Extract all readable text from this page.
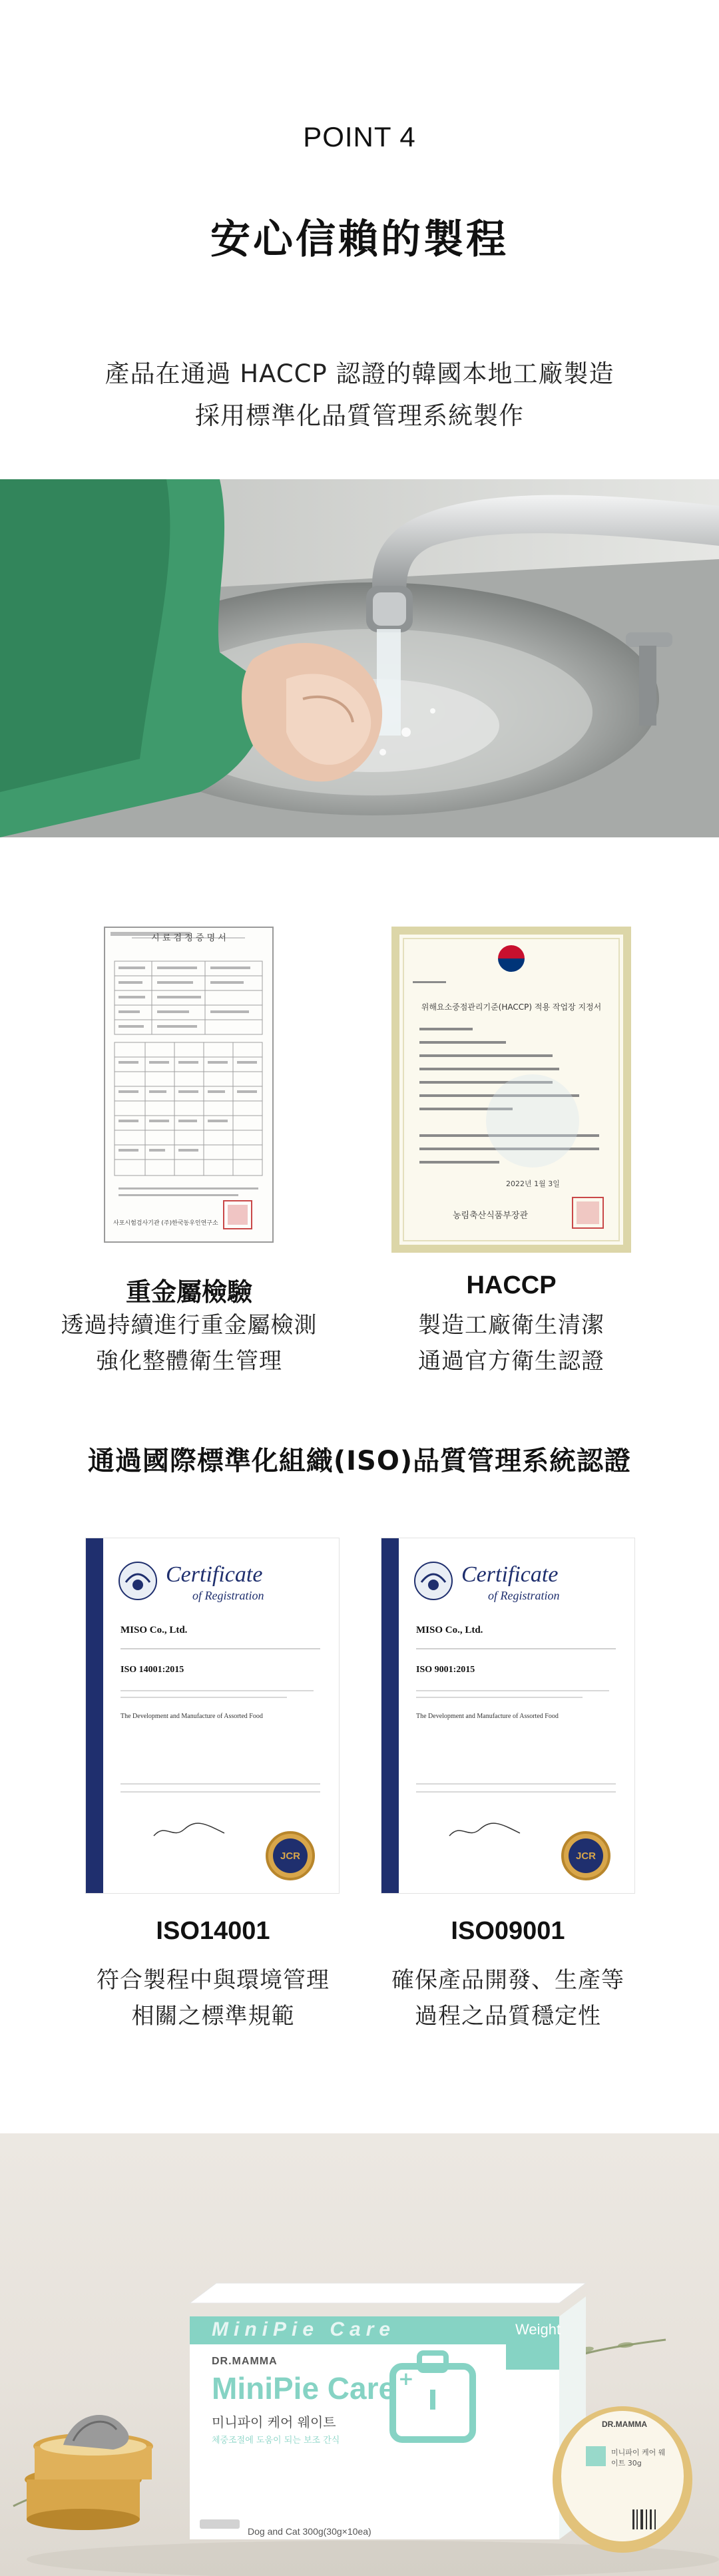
POINT 4
安心信賴的製程
產品在通過 HACCP 認證的韓國本地工廠製造
採用標準化品質管理系統製作
시 료 검 정 증 명 서
사포시험검사기관 (주)한국동우인연구소
위해요소중점관리기준(HACCP) 적용 작업장 지정서
2022년 1월 3일
농림축산식품부장관
重金屬檢驗
透過持續進行重金屬檢測
強化整體衛生管理
HACCP
製造工廠衛生清潔
通過官方衛生認證
通過國際標準化組織(ISO)品質管理系統認證
Certificate
of Registration
MISO Co., Ltd.
ISO 14001:2015
The Development and Manufacture of Assorted Food
JCR
Certificate
of Registration
MISO Co., Ltd.
ISO 9001:2015
The Development and Manufacture of Assorted Food
JCR
ISO14001
符合製程中與環境管理
相關之標準規範
ISO09001
確保產品開發、生產等
過程之品質穩定性
MiniPie Care	Weight
DR.MAMMA
MiniPie Care +
미니파이 케어 웨이트
체중조절에 도움이 되는 보조 간식
Dog and Cat 300g(30g×10ea)
DR.MAMMA
미니파이 케어 웨이트 30g
